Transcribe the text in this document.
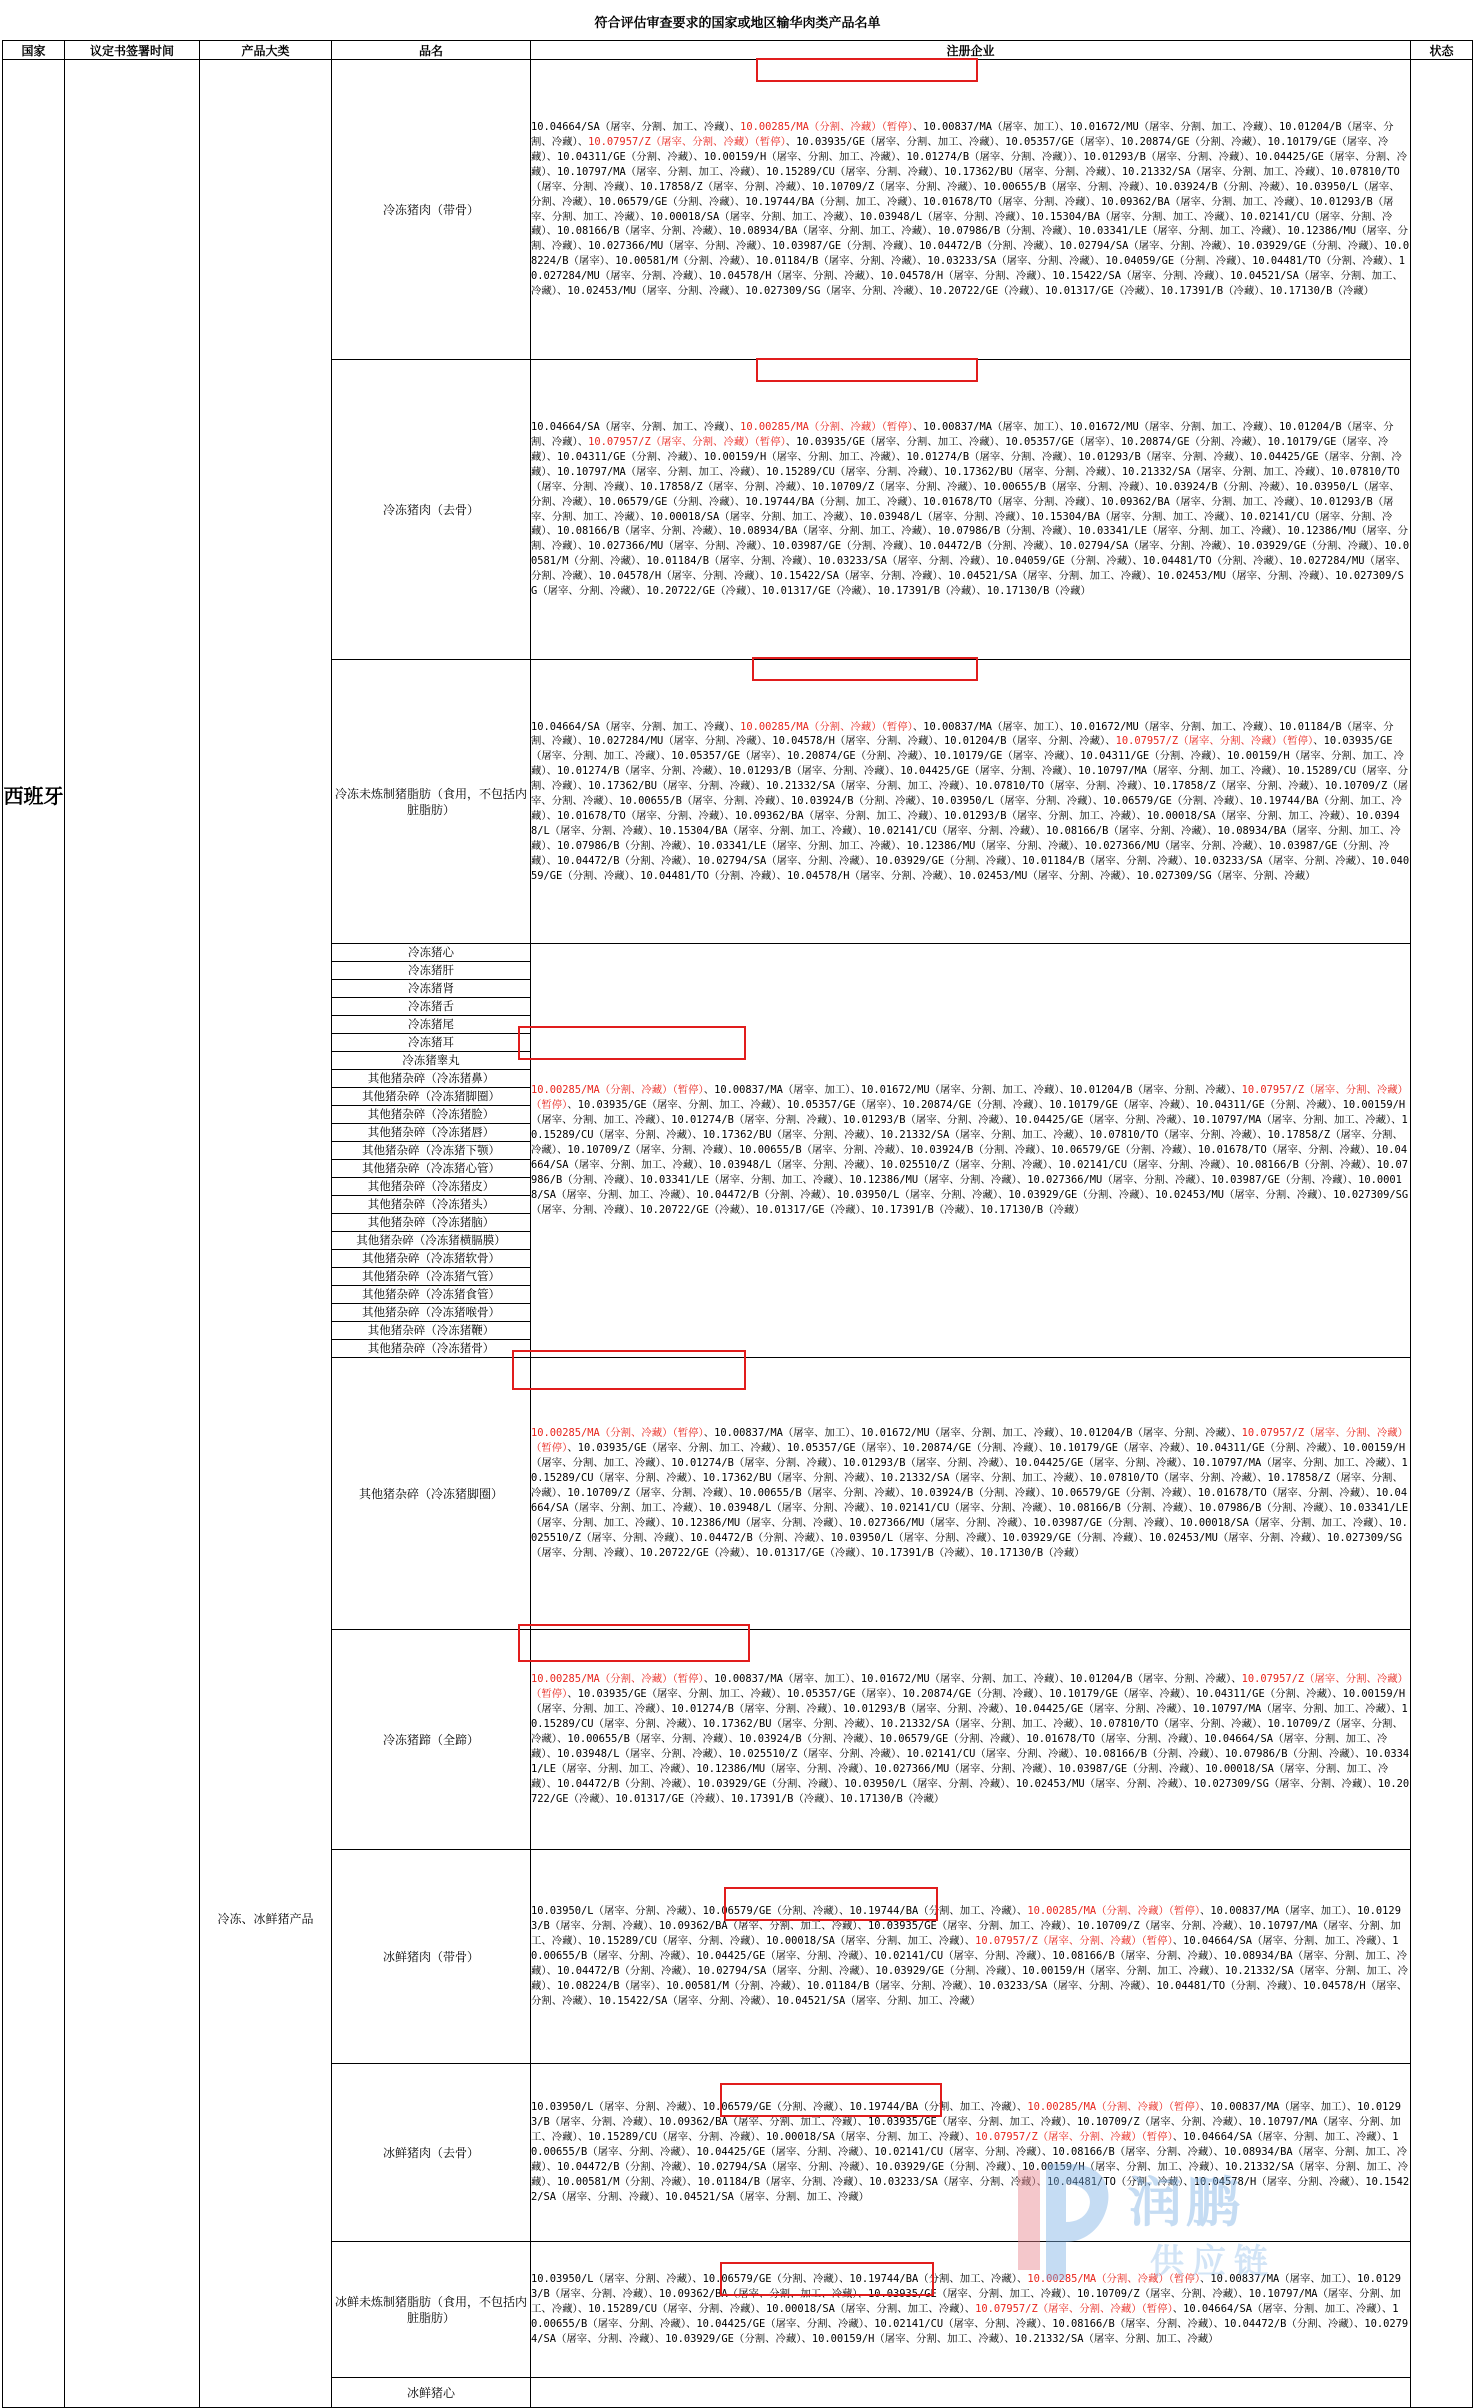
符合评估审查要求的国家或地区输华肉类产品名单
国家	议定书签署时间	产品大类	品名	注册企业	状态
西班牙		冷冻、冰鲜猪产品	冷冻猪肉（带骨）	10.04664/SA（屠宰、分割、加工、冷藏）、10.00285/MA（分割、冷藏）（暂停）、10.00837/MA（屠宰、加工）、10.01672/MU（屠宰、分割、加工、冷藏）、10.01204/B（屠宰、分割、冷藏）、10.07957/Z（屠宰、分割、冷藏）（暂停）、10.03935/GE（屠宰、分割、加工、冷藏）、10.05357/GE（屠宰）、10.20874/GE（分割、冷藏）、10.10179/GE（屠宰、冷藏）、10.04311/GE（分割、冷藏）、10.00159/H（屠宰、分割、加工、冷藏）、10.01274/B（屠宰、分割、冷藏））、10.01293/B（屠宰、分割、冷藏）、10.04425/GE（屠宰、分割、冷藏）、10.10797/MA（屠宰、分割、加工、冷藏）、10.15289/CU（屠宰、分割、冷藏）、10.17362/BU（屠宰、分割、冷藏）、10.21332/SA（屠宰、分割、加工、冷藏）、10.07810/TO（屠宰、分割、冷藏）、10.17858/Z（屠宰、分割、冷藏）、10.10709/Z（屠宰、分割、冷藏）、10.00655/B（屠宰、分割、冷藏）、10.03924/B（分割、冷藏）、10.03950/L（屠宰、分割、冷藏）、10.06579/GE（分割、冷藏）、10.19744/BA（分割、加工、冷藏）、10.01678/TO（屠宰、分割、冷藏）、10.09362/BA（屠宰、分割、加工、冷藏）、10.01293/B（屠宰、分割、加工、冷藏）、10.00018/SA（屠宰、分割、加工、冷藏）、10.03948/L（屠宰、分割、冷藏）、10.15304/BA（屠宰、分割、加工、冷藏）、10.02141/CU（屠宰、分割、冷藏）、10.08166/B（屠宰、分割、冷藏）、10.08934/BA（屠宰、分割、加工、冷藏）、10.07986/B（分割、冷藏）、10.03341/LE（屠宰、分割、加工、冷藏）、10.12386/MU（屠宰、分割、冷藏）、10.027366/MU（屠宰、分割、冷藏）、10.03987/GE（分割、冷藏）、10.04472/B（分割、冷藏）、10.02794/SA（屠宰、分割、冷藏）、10.03929/GE（分割、冷藏）、10.08224/B（屠宰）、10.00581/M（分割、冷藏）、10.01184/B（屠宰、分割、冷藏）、10.03233/SA（屠宰、分割、冷藏）、10.04059/GE（分割、冷藏）、10.04481/TO（分割、冷藏）、10.027284/MU（屠宰、分割、冷藏）、10.04578/H（屠宰、分割、冷藏）、10.04578/H（屠宰、分割、冷藏）、10.15422/SA（屠宰、分割、冷藏）、10.04521/SA（屠宰、分割、加工、冷藏）、10.02453/MU（屠宰、分割、冷藏）、10.027309/SG（屠宰、分割、冷藏）、10.20722/GE（冷藏）、10.01317/GE（冷藏）、10.17391/B（冷藏）、10.17130/B（冷藏）	
			冷冻猪肉（去骨）	10.04664/SA（屠宰、分割、加工、冷藏）、10.00285/MA（分割、冷藏）（暂停）、10.00837/MA（屠宰、加工）、10.01672/MU（屠宰、分割、加工、冷藏）、10.01204/B（屠宰、分割、冷藏）、10.07957/Z（屠宰、分割、冷藏）（暂停）、10.03935/GE（屠宰、分割、加工、冷藏）、10.05357/GE（屠宰）、10.20874/GE（分割、冷藏）、10.10179/GE（屠宰、冷藏）、10.04311/GE（分割、冷藏）、10.00159/H（屠宰、分割、加工、冷藏）、10.01274/B（屠宰、分割、冷藏）、10.01293/B（屠宰、分割、冷藏）、10.04425/GE（屠宰、分割、冷藏）、10.10797/MA（屠宰、分割、加工、冷藏）、10.15289/CU（屠宰、分割、冷藏）、10.17362/BU（屠宰、分割、冷藏）、10.21332/SA（屠宰、分割、加工、冷藏）、10.07810/TO（屠宰、分割、冷藏）、10.17858/Z（屠宰、分割、冷藏）、10.10709/Z（屠宰、分割、冷藏）、10.00655/B（屠宰、分割、冷藏）、10.03924/B（分割、冷藏）、10.03950/L（屠宰、分割、冷藏）、10.06579/GE（分割、冷藏）、10.19744/BA（分割、加工、冷藏）、10.01678/TO（屠宰、分割、冷藏）、10.09362/BA（屠宰、分割、加工、冷藏）、10.01293/B（屠宰、分割、加工、冷藏）、10.00018/SA（屠宰、分割、加工、冷藏）、10.03948/L（屠宰、分割、冷藏）、10.15304/BA（屠宰、分割、加工、冷藏）、10.02141/CU（屠宰、分割、冷藏）、10.08166/B（屠宰、分割、冷藏）、10.08934/BA（屠宰、分割、加工、冷藏）、10.07986/B（分割、冷藏）、10.03341/LE（屠宰、分割、加工、冷藏）、10.12386/MU（屠宰、分割、冷藏）、10.027366/MU（屠宰、分割、冷藏）、10.03987/GE（分割、冷藏）、10.04472/B（分割、冷藏）、10.02794/SA（屠宰、分割、冷藏）、10.03929/GE（分割、冷藏）、10.00581/M（分割、冷藏）、10.01184/B（屠宰、分割、冷藏）、10.03233/SA（屠宰、分割、冷藏）、10.04059/GE（分割、冷藏）、10.04481/TO（分割、冷藏）、10.027284/MU（屠宰、分割、冷藏）、10.04578/H（屠宰、分割、冷藏）、10.15422/SA（屠宰、分割、冷藏）、10.04521/SA（屠宰、分割、加工、冷藏）、10.02453/MU（屠宰、分割、冷藏）、10.027309/SG（屠宰、分割、冷藏）、10.20722/GE（冷藏）、10.01317/GE（冷藏）、10.17391/B（冷藏）、10.17130/B（冷藏）	
			冷冻未炼制猪脂肪（食用，不包括内脏脂肪）	10.04664/SA（屠宰、分割、加工、冷藏）、10.00285/MA（分割、冷藏）（暂停）、10.00837/MA（屠宰、加工）、10.01672/MU（屠宰、分割、加工、冷藏）、10.01184/B（屠宰、分割、冷藏）、10.027284/MU（屠宰、分割、冷藏）、10.04578/H（屠宰、分割、冷藏）、10.01204/B（屠宰、分割、冷藏）、10.07957/Z（屠宰、分割、冷藏）（暂停）、10.03935/GE（屠宰、分割、加工、冷藏）、10.05357/GE（屠宰）、10.20874/GE（分割、冷藏）、10.10179/GE（屠宰、冷藏）、10.04311/GE（分割、冷藏）、10.00159/H（屠宰、分割、加工、冷藏）、10.01274/B（屠宰、分割、冷藏）、10.01293/B（屠宰、分割、冷藏）、10.04425/GE（屠宰、分割、冷藏）、10.10797/MA（屠宰、分割、加工、冷藏）、10.15289/CU（屠宰、分割、冷藏）、10.17362/BU（屠宰、分割、冷藏）、10.21332/SA（屠宰、分割、加工、冷藏）、10.07810/TO（屠宰、分割、冷藏）、10.17858/Z（屠宰、分割、冷藏）、10.10709/Z（屠宰、分割、冷藏）、10.00655/B（屠宰、分割、冷藏）、10.03924/B（分割、冷藏）、10.03950/L（屠宰、分割、冷藏）、10.06579/GE（分割、冷藏）、10.19744/BA（分割、加工、冷藏）、10.01678/TO（屠宰、分割、冷藏）、10.09362/BA（屠宰、分割、加工、冷藏）、10.01293/B（屠宰、分割、加工、冷藏）、10.00018/SA（屠宰、分割、加工、冷藏）、10.03948/L（屠宰、分割、冷藏）、10.15304/BA（屠宰、分割、加工、冷藏）、10.02141/CU（屠宰、分割、冷藏）、10.08166/B（屠宰、分割、冷藏）、10.08934/BA（屠宰、分割、加工、冷藏）、10.07986/B（分割、冷藏）、10.03341/LE（屠宰、分割、加工、冷藏）、10.12386/MU（屠宰、分割、冷藏）、10.027366/MU（屠宰、分割、冷藏）、10.03987/GE（分割、冷藏）、10.04472/B（分割、冷藏）、10.02794/SA（屠宰、分割、冷藏）、10.03929/GE（分割、冷藏）、10.01184/B（屠宰、分割、冷藏）、10.03233/SA（屠宰、分割、冷藏）、10.04059/GE（分割、冷藏）、10.04481/TO（分割、冷藏）、10.04578/H（屠宰、分割、冷藏）、10.02453/MU（屠宰、分割、冷藏）、10.027309/SG（屠宰、分割、冷藏）	
			冷冻猪心	10.00285/MA（分割、冷藏）（暂停）、10.00837/MA（屠宰、加工）、10.01672/MU（屠宰、分割、加工、冷藏）、10.01204/B（屠宰、分割、冷藏）、10.07957/Z（屠宰、分割、冷藏）（暂停）、10.03935/GE（屠宰、分割、加工、冷藏）、10.05357/GE（屠宰）、10.20874/GE（分割、冷藏）、10.10179/GE（屠宰、冷藏）、10.04311/GE（分割、冷藏）、10.00159/H（屠宰、分割、加工、冷藏）、10.01274/B（屠宰、分割、冷藏）、10.01293/B（屠宰、分割、冷藏）、10.04425/GE（屠宰、分割、冷藏）、10.10797/MA（屠宰、分割、加工、冷藏）、10.15289/CU（屠宰、分割、冷藏）、10.17362/BU（屠宰、分割、冷藏）、10.21332/SA（屠宰、分割、加工、冷藏）、10.07810/TO（屠宰、分割、冷藏）、10.17858/Z（屠宰、分割、冷藏）、10.10709/Z（屠宰、分割、冷藏）、10.00655/B（屠宰、分割、冷藏）、10.03924/B（分割、冷藏）、10.06579/GE（分割、冷藏）、10.01678/TO（屠宰、分割、冷藏）、10.04664/SA（屠宰、分割、加工、冷藏）、10.03948/L（屠宰、分割、冷藏）、10.025510/Z（屠宰、分割、冷藏）、10.02141/CU（屠宰、分割、冷藏）、10.08166/B（分割、冷藏）、10.07986/B（分割、冷藏）、10.03341/LE（屠宰、分割、加工、冷藏）、10.12386/MU（屠宰、分割、冷藏）、10.027366/MU（屠宰、分割、冷藏）、10.03987/GE（分割、冷藏）、10.00018/SA（屠宰、分割、加工、冷藏）、10.04472/B（分割、冷藏）、10.03950/L（屠宰、分割、冷藏）、10.03929/GE（分割、冷藏）、10.02453/MU（屠宰、分割、冷藏）、10.027309/SG（屠宰、分割、冷藏）、10.20722/GE（冷藏）、10.01317/GE（冷藏）、10.17391/B（冷藏）、10.17130/B（冷藏）	
			冷冻猪肝		
			冷冻猪肾		
			冷冻猪舌		
			冷冻猪尾		
			冷冻猪耳		
			冷冻猪睾丸		
			其他猪杂碎（冷冻猪鼻）		
			其他猪杂碎（冷冻猪脚圈）		
			其他猪杂碎（冷冻猪脸）		
			其他猪杂碎（冷冻猪唇）		
			其他猪杂碎（冷冻猪下颚）		
			其他猪杂碎（冷冻猪心管）		
			其他猪杂碎（冷冻猪皮）		
			其他猪杂碎（冷冻猪头）		
			其他猪杂碎（冷冻猪脑）		
			其他猪杂碎（冷冻猪横膈膜）		
			其他猪杂碎（冷冻猪软骨）		
			其他猪杂碎（冷冻猪气管）		
			其他猪杂碎（冷冻猪食管）		
			其他猪杂碎（冷冻猪喉骨）		
			其他猪杂碎（冷冻猪鞭）		
			其他猪杂碎（冷冻猪骨）		
			其他猪杂碎（冷冻猪脚圈）	10.00285/MA（分割、冷藏）（暂停）、10.00837/MA（屠宰、加工）、10.01672/MU（屠宰、分割、加工、冷藏）、10.01204/B（屠宰、分割、冷藏）、10.07957/Z（屠宰、分割、冷藏）（暂停）、10.03935/GE（屠宰、分割、加工、冷藏）、10.05357/GE（屠宰）、10.20874/GE（分割、冷藏）、10.10179/GE（屠宰、冷藏）、10.04311/GE（分割、冷藏）、10.00159/H（屠宰、分割、加工、冷藏）、10.01274/B（屠宰、分割、冷藏）、10.01293/B（屠宰、分割、冷藏）、10.04425/GE（屠宰、分割、冷藏）、10.10797/MA（屠宰、分割、加工、冷藏）、10.15289/CU（屠宰、分割、冷藏）、10.17362/BU（屠宰、分割、冷藏）、10.21332/SA（屠宰、分割、加工、冷藏）、10.07810/TO（屠宰、分割、冷藏）、10.17858/Z（屠宰、分割、冷藏）、10.10709/Z（屠宰、分割、冷藏）、10.00655/B（屠宰、分割、冷藏）、10.03924/B（分割、冷藏）、10.06579/GE（分割、冷藏）、10.01678/TO（屠宰、分割、冷藏）、10.04664/SA（屠宰、分割、加工、冷藏）、10.03948/L（屠宰、分割、冷藏）、10.02141/CU（屠宰、分割、冷藏）、10.08166/B（分割、冷藏）、10.07986/B（分割、冷藏）、10.03341/LE（屠宰、分割、加工、冷藏）、10.12386/MU（屠宰、分割、冷藏）、10.027366/MU（屠宰、分割、冷藏）、10.03987/GE（分割、冷藏）、10.00018/SA（屠宰、分割、加工、冷藏）、10.025510/Z（屠宰、分割、冷藏）、10.04472/B（分割、冷藏）、10.03950/L（屠宰、分割、冷藏）、10.03929/GE（分割、冷藏）、10.02453/MU（屠宰、分割、冷藏）、10.027309/SG（屠宰、分割、冷藏）、10.20722/GE（冷藏）、10.01317/GE（冷藏）、10.17391/B（冷藏）、10.17130/B（冷藏）	
			冷冻猪蹄（全蹄）	10.00285/MA（分割、冷藏）（暂停）、10.00837/MA（屠宰、加工）、10.01672/MU（屠宰、分割、加工、冷藏）、10.01204/B（屠宰、分割、冷藏）、10.07957/Z（屠宰、分割、冷藏）（暂停）、10.03935/GE（屠宰、分割、加工、冷藏）、10.05357/GE（屠宰）、10.20874/GE（分割、冷藏）、10.10179/GE（屠宰、冷藏）、10.04311/GE（分割、冷藏）、10.00159/H（屠宰、分割、加工、冷藏）、10.01274/B（屠宰、分割、冷藏）、10.01293/B（屠宰、分割、冷藏）、10.04425/GE（屠宰、分割、冷藏）、10.10797/MA（屠宰、分割、加工、冷藏）、10.15289/CU（屠宰、分割、冷藏）、10.17362/BU（屠宰、分割、冷藏）、10.21332/SA（屠宰、分割、加工、冷藏）、10.07810/TO（屠宰、分割、冷藏）、10.10709/Z（屠宰、分割、冷藏）、10.00655/B（屠宰、分割、冷藏）、10.03924/B（分割、冷藏）、10.06579/GE（分割、冷藏）、10.01678/TO（屠宰、分割、冷藏）、10.04664/SA（屠宰、分割、加工、冷藏）、10.03948/L（屠宰、分割、冷藏）、10.025510/Z（屠宰、分割、冷藏）、10.02141/CU（屠宰、分割、冷藏）、10.08166/B（分割、冷藏）、10.07986/B（分割、冷藏）、10.03341/LE（屠宰、分割、加工、冷藏）、10.12386/MU（屠宰、分割、冷藏）、10.027366/MU（屠宰、分割、冷藏）、10.03987/GE（分割、冷藏）、10.00018/SA（屠宰、分割、加工、冷藏）、10.04472/B（分割、冷藏）、10.03929/GE（分割、冷藏）、10.03950/L（屠宰、分割、冷藏）、10.02453/MU（屠宰、分割、冷藏）、10.027309/SG（屠宰、分割、冷藏）、10.20722/GE（冷藏）、10.01317/GE（冷藏）、10.17391/B（冷藏）、10.17130/B（冷藏）	
			冰鲜猪肉（带骨）	10.03950/L（屠宰、分割、冷藏）、10.06579/GE（分割、冷藏）、10.19744/BA（分割、加工、冷藏）、10.00285/MA（分割、冷藏）（暂停）、10.00837/MA（屠宰、加工）、10.01293/B（屠宰、分割、冷藏）、10.09362/BA（屠宰、分割、加工、冷藏）、10.03935/GE（屠宰、分割、加工、冷藏）、10.10709/Z（屠宰、分割、冷藏）、10.10797/MA（屠宰、分割、加工、冷藏）、10.15289/CU（屠宰、分割、冷藏）、10.00018/SA（屠宰、分割、加工、冷藏）、10.07957/Z（屠宰、分割、冷藏）（暂停）、10.04664/SA（屠宰、分割、加工、冷藏）、10.00655/B（屠宰、分割、冷藏）、10.04425/GE（屠宰、分割、冷藏）、10.02141/CU（屠宰、分割、冷藏）、10.08166/B（屠宰、分割、冷藏）、10.08934/BA（屠宰、分割、加工、冷藏）、10.04472/B（分割、冷藏）、10.02794/SA（屠宰、分割、冷藏）、10.03929/GE（分割、冷藏）、10.00159/H（屠宰、分割、加工、冷藏）、10.21332/SA（屠宰、分割、加工、冷藏）、10.08224/B（屠宰）、10.00581/M（分割、冷藏）、10.01184/B（屠宰、分割、冷藏）、10.03233/SA（屠宰、分割、冷藏）、10.04481/TO（分割、冷藏）、10.04578/H（屠宰、分割、冷藏）、10.15422/SA（屠宰、分割、冷藏）、10.04521/SA（屠宰、分割、加工、冷藏）	
			冰鲜猪肉（去骨）	10.03950/L（屠宰、分割、冷藏）、10.06579/GE（分割、冷藏）、10.19744/BA（分割、加工、冷藏）、10.00285/MA（分割、冷藏）（暂停）、10.00837/MA（屠宰、加工）、10.01293/B（屠宰、分割、冷藏）、10.09362/BA（屠宰、分割、加工、冷藏）、10.03935/GE（屠宰、分割、加工、冷藏）、10.10709/Z（屠宰、分割、冷藏）、10.10797/MA（屠宰、分割、加工、冷藏）、10.15289/CU（屠宰、分割、冷藏）、10.00018/SA（屠宰、分割、加工、冷藏）、10.07957/Z（屠宰、分割、冷藏）（暂停）、10.04664/SA（屠宰、分割、加工、冷藏）、10.00655/B（屠宰、分割、冷藏）、10.04425/GE（屠宰、分割、冷藏）、10.02141/CU（屠宰、分割、冷藏）、10.08166/B（屠宰、分割、冷藏）、10.08934/BA（屠宰、分割、加工、冷藏）、10.04472/B（分割、冷藏）、10.02794/SA（屠宰、分割、冷藏）、10.03929/GE（分割、冷藏）、10.00159/H（屠宰、分割、加工、冷藏）、10.21332/SA（屠宰、分割、加工、冷藏）、10.00581/M（分割、冷藏）、10.01184/B（屠宰、分割、冷藏）、10.03233/SA（屠宰、分割、冷藏）、10.04481/TO（分割、冷藏）、10.04578/H（屠宰、分割、冷藏）、10.15422/SA（屠宰、分割、冷藏）、10.04521/SA（屠宰、分割、加工、冷藏）	
			冰鲜未炼制猪脂肪（食用，不包括内脏脂肪）	10.03950/L（屠宰、分割、冷藏）、10.06579/GE（分割、冷藏）、10.19744/BA（分割、加工、冷藏）、10.00285/MA（分割、冷藏）（暂停）、10.00837/MA（屠宰、加工）、10.01293/B（屠宰、分割、冷藏）、10.09362/BA（屠宰、分割、加工、冷藏）、10.03935/GE（屠宰、分割、加工、冷藏）、10.10709/Z（屠宰、分割、冷藏）、10.10797/MA（屠宰、分割、加工、冷藏）、10.15289/CU（屠宰、分割、冷藏）、10.00018/SA（屠宰、分割、加工、冷藏）、10.07957/Z（屠宰、分割、冷藏）（暂停）、10.04664/SA（屠宰、分割、加工、冷藏）、10.00655/B（屠宰、分割、冷藏）、10.04425/GE（屠宰、分割、冷藏）、10.02141/CU（屠宰、分割、冷藏）、10.08166/B（屠宰、分割、冷藏）、10.04472/B（分割、冷藏）、10.02794/SA（屠宰、分割、冷藏）、10.03929/GE（分割、冷藏）、10.00159/H（屠宰、分割、加工、冷藏）、10.21332/SA（屠宰、分割、加工、冷藏）	
			冰鲜猪心		
润鹏
供应链
